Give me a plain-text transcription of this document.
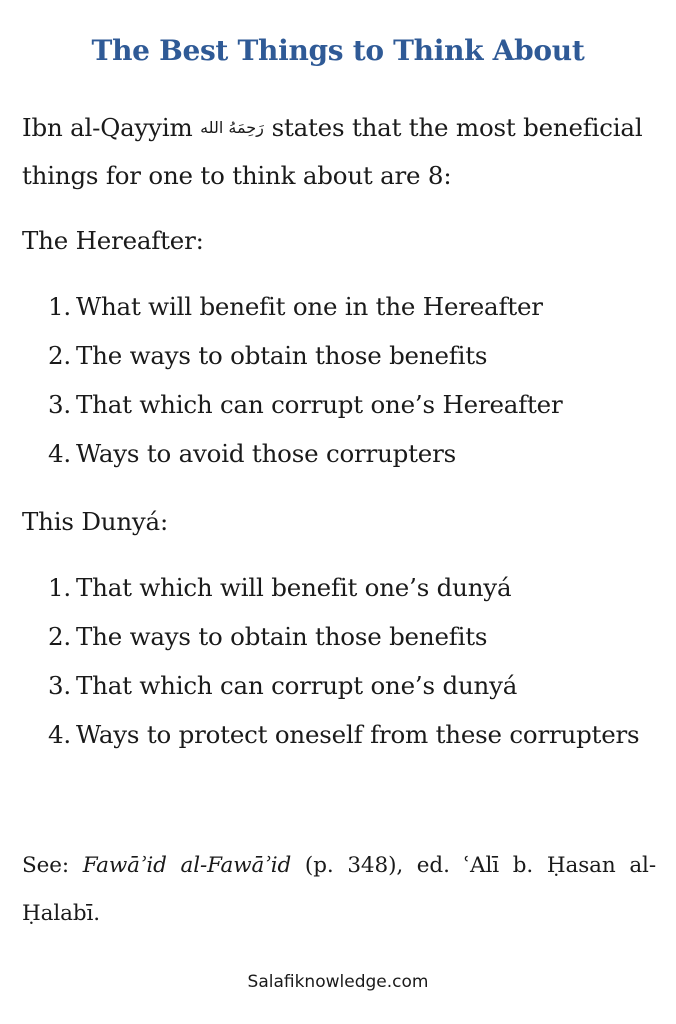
The Best Things to Think About
Ibn al-Qayyim رَحِمَهُ الله states that the most beneficial things for one to think about are 8:
The Hereafter:
1. What will benefit one in the Hereafter
2. The ways to obtain those benefits
3. That which can corrupt one’s Hereafter
4. Ways to avoid those corrupters
This Dunyá:
1. That which will benefit one’s dunyá
2. The ways to obtain those benefits
3. That which can corrupt one’s dunyá
4. Ways to protect oneself from these corrupters
See: Fawāʾid al-Fawāʾid (p. 348), ed. ʿAlī b. Ḥasan al-Ḥalabī.
Salafiknowledge.com
